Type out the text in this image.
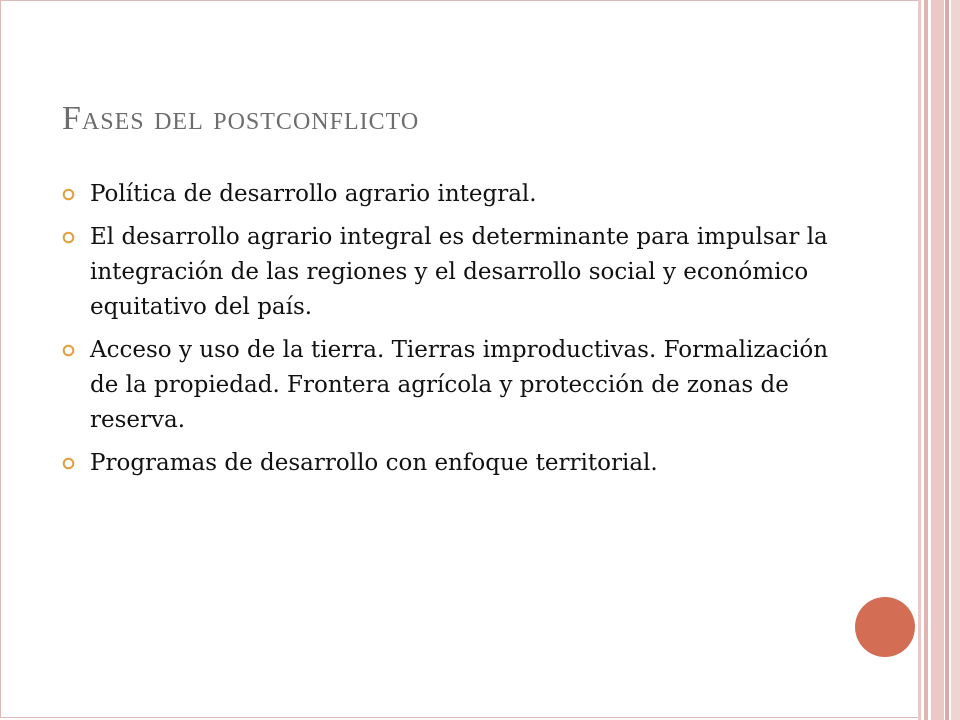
Fases del postconflicto
Política de desarrollo agrario integral.
El desarrollo agrario integral es determinante para impulsar la integración de las regiones y el desarrollo social y económico equitativo del país.
Acceso y uso de la tierra. Tierras improductivas. Formalización de la propiedad. Frontera agrícola y protección de zonas de reserva.
Programas de desarrollo con enfoque territorial.
